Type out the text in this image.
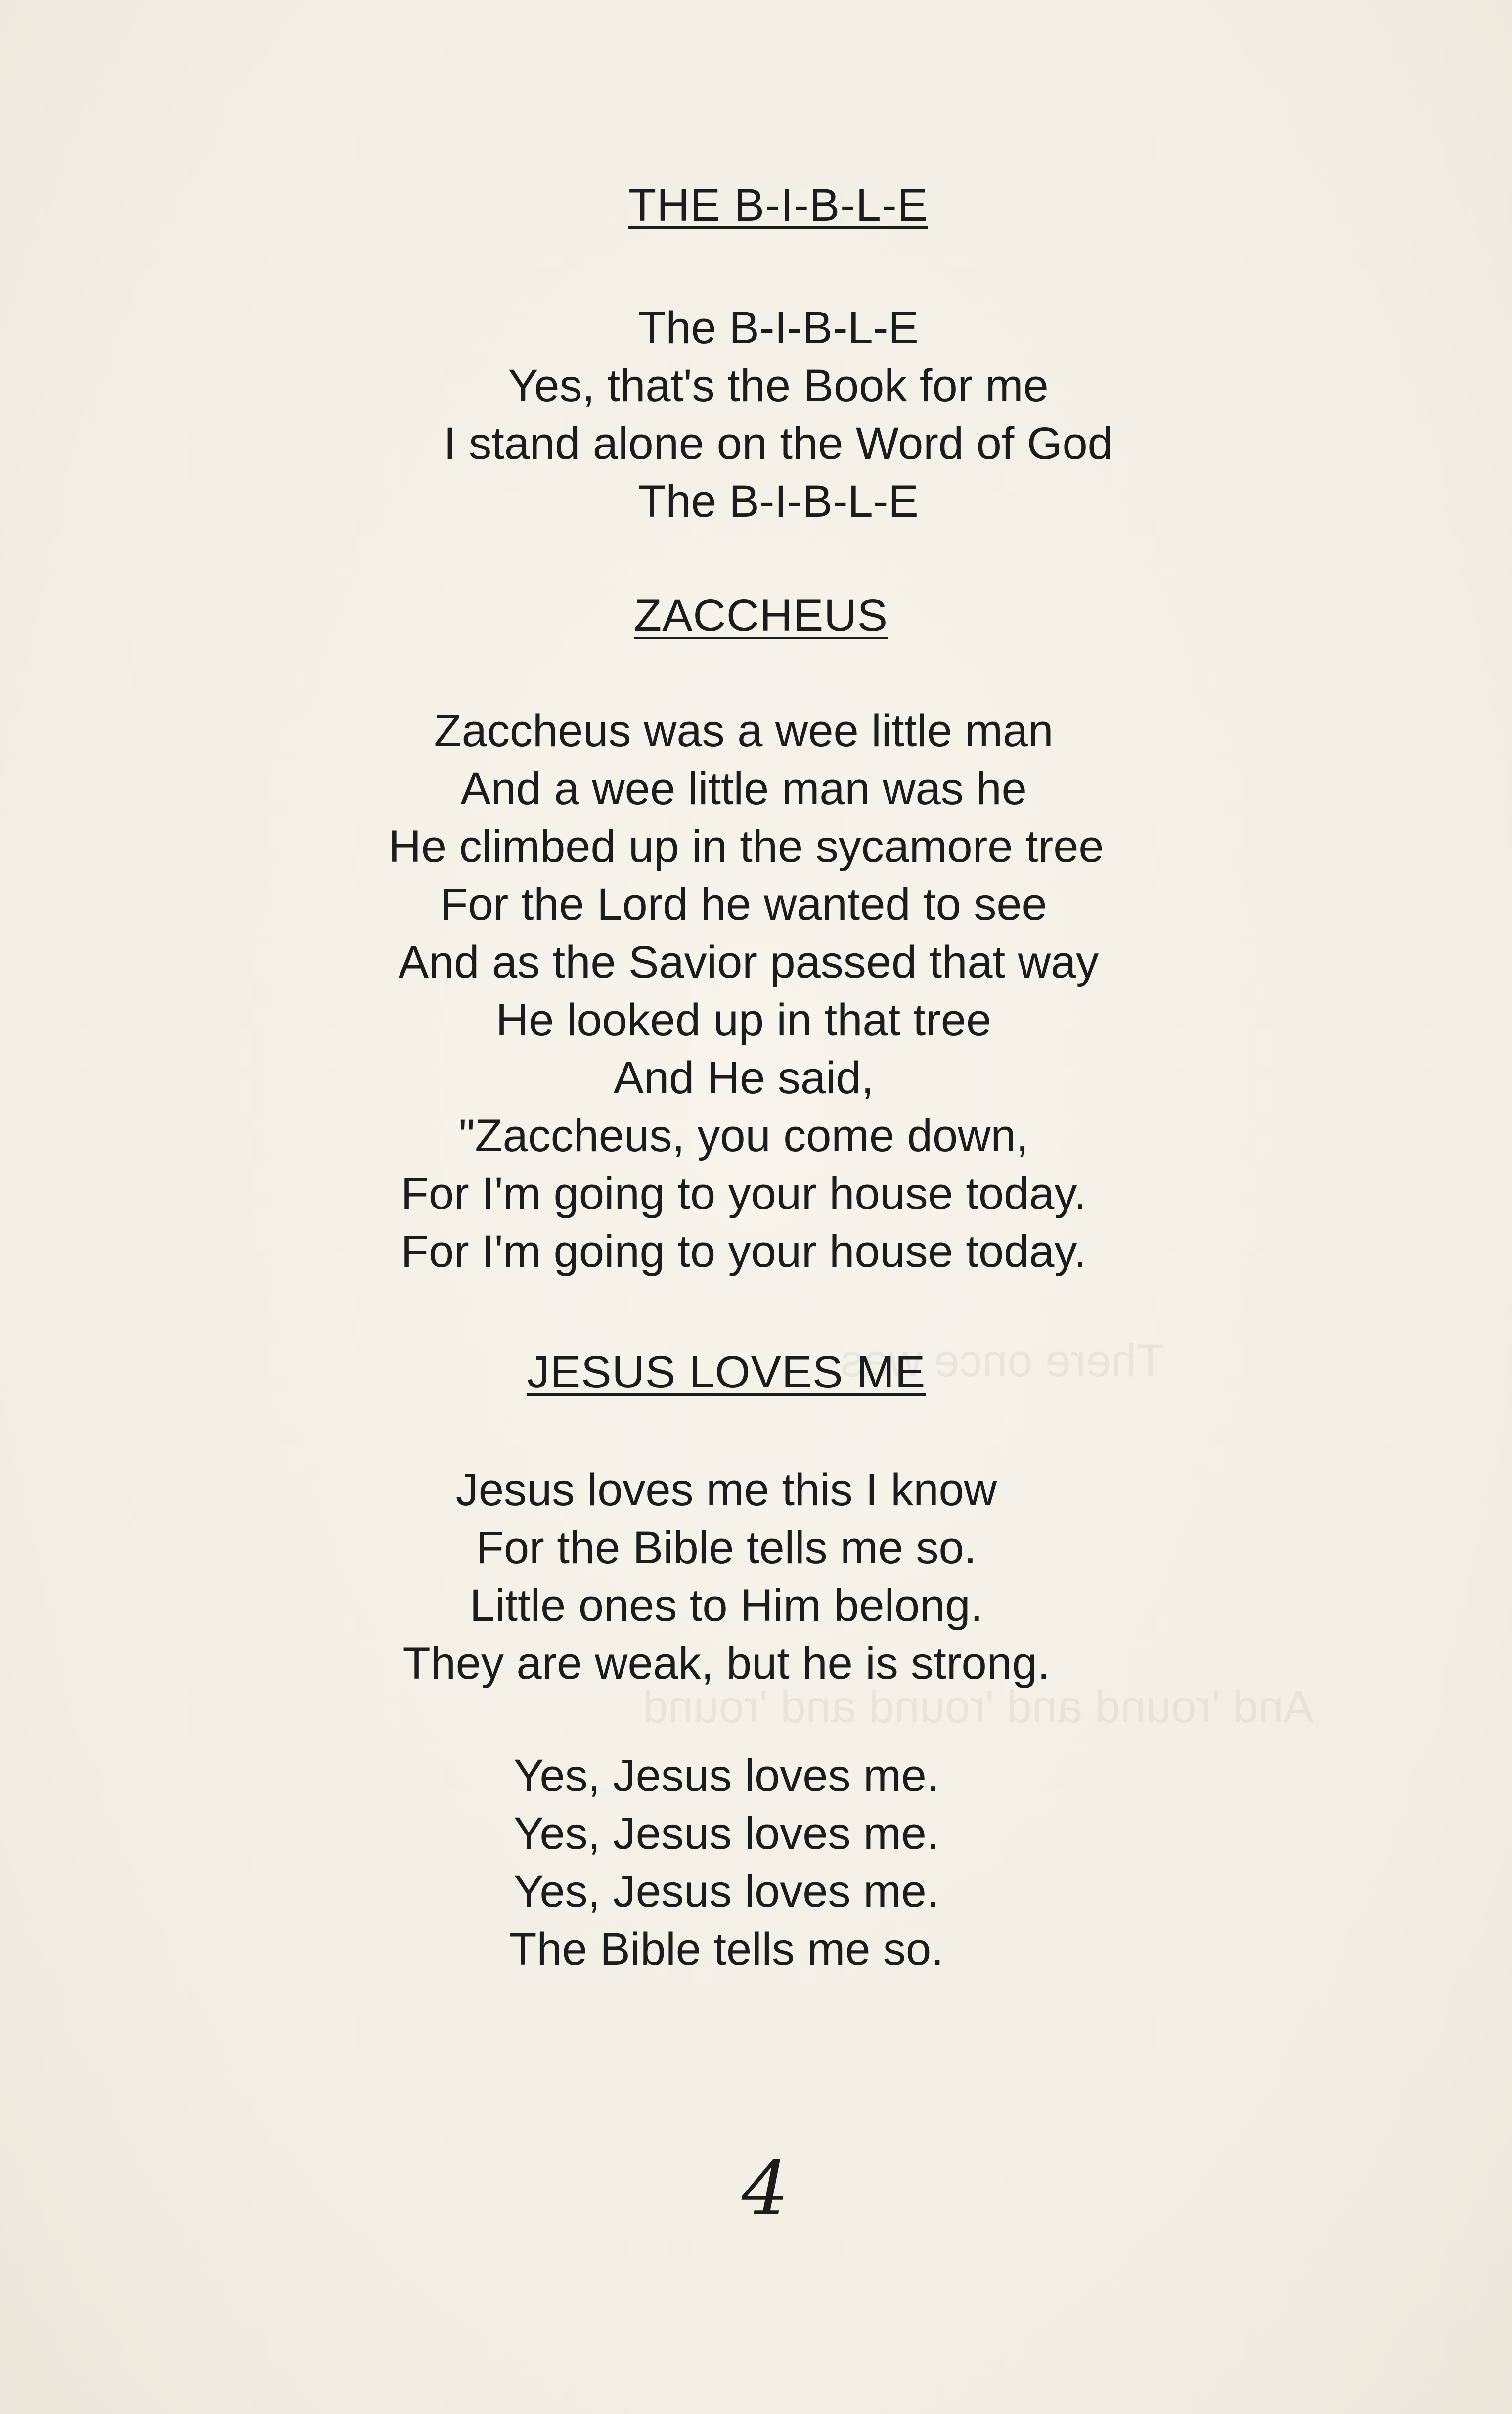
There once was
And 'round and 'round and 'round
THE B-I-B-L-E
The B-I-B-L-E
Yes, that's the Book for me
I stand alone on the Word of God
The B-I-B-L-E
ZACCHEUS
Zaccheus was a wee little man
And a wee little man was he
He climbed up in the sycamore tree
For the Lord he wanted to see
And as the Savior passed that way
He looked up in that tree
And He said,
"Zaccheus, you come down,
For I'm going to your house today.
For I'm going to your house today.
JESUS LOVES ME
Jesus loves me this I know
For the Bible tells me so.
Little ones to Him belong.
They are weak, but he is strong.
Yes, Jesus loves me.
Yes, Jesus loves me.
Yes, Jesus loves me.
The Bible tells me so.
4
